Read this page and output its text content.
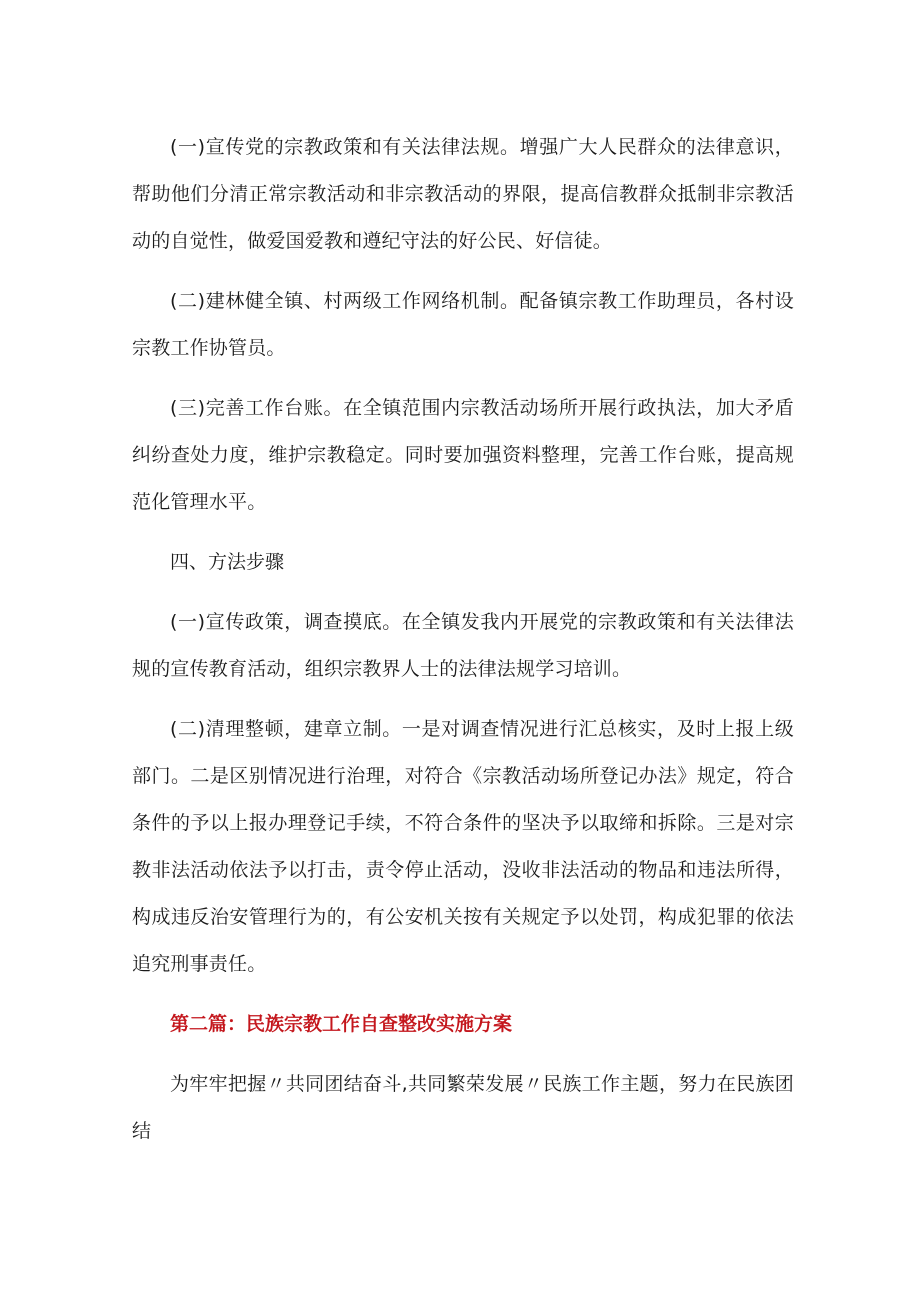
(一)宣传党的宗教政策和有关法律法规。增强广大人民群众的法律意识，帮助他们分清正常宗教活动和非宗教活动的界限，提高信教群众抵制非宗教活动的自觉性，做爱国爱教和遵纪守法的好公民、好信徒。

(二)建林健全镇、村两级工作网络机制。配备镇宗教工作助理员，各村设宗教工作协管员。

(三)完善工作台账。在全镇范围内宗教活动场所开展行政执法，加大矛盾纠纷查处力度，维护宗教稳定。同时要加强资料整理，完善工作台账，提高规范化管理水平。

四、方法步骤

(一)宣传政策，调查摸底。在全镇发我内开展党的宗教政策和有关法律法规的宣传教育活动，组织宗教界人士的法律法规学习培训。

(二)清理整顿，建章立制。一是对调查情况进行汇总核实，及时上报上级部门。二是区别情况进行治理，对符合《宗教活动场所登记办法》规定，符合条件的予以上报办理登记手续，不符合条件的坚决予以取缔和拆除。三是对宗教非法活动依法予以打击，责令停止活动，没收非法活动的物品和违法所得，构成违反治安管理行为的，有公安机关按有关规定予以处罚，构成犯罪的依法追究刑事责任。

第二篇：民族宗教工作自查整改实施方案

为牢牢把握〃共同团结奋斗,共同繁荣发展〃民族工作主题，努力在民族团结
